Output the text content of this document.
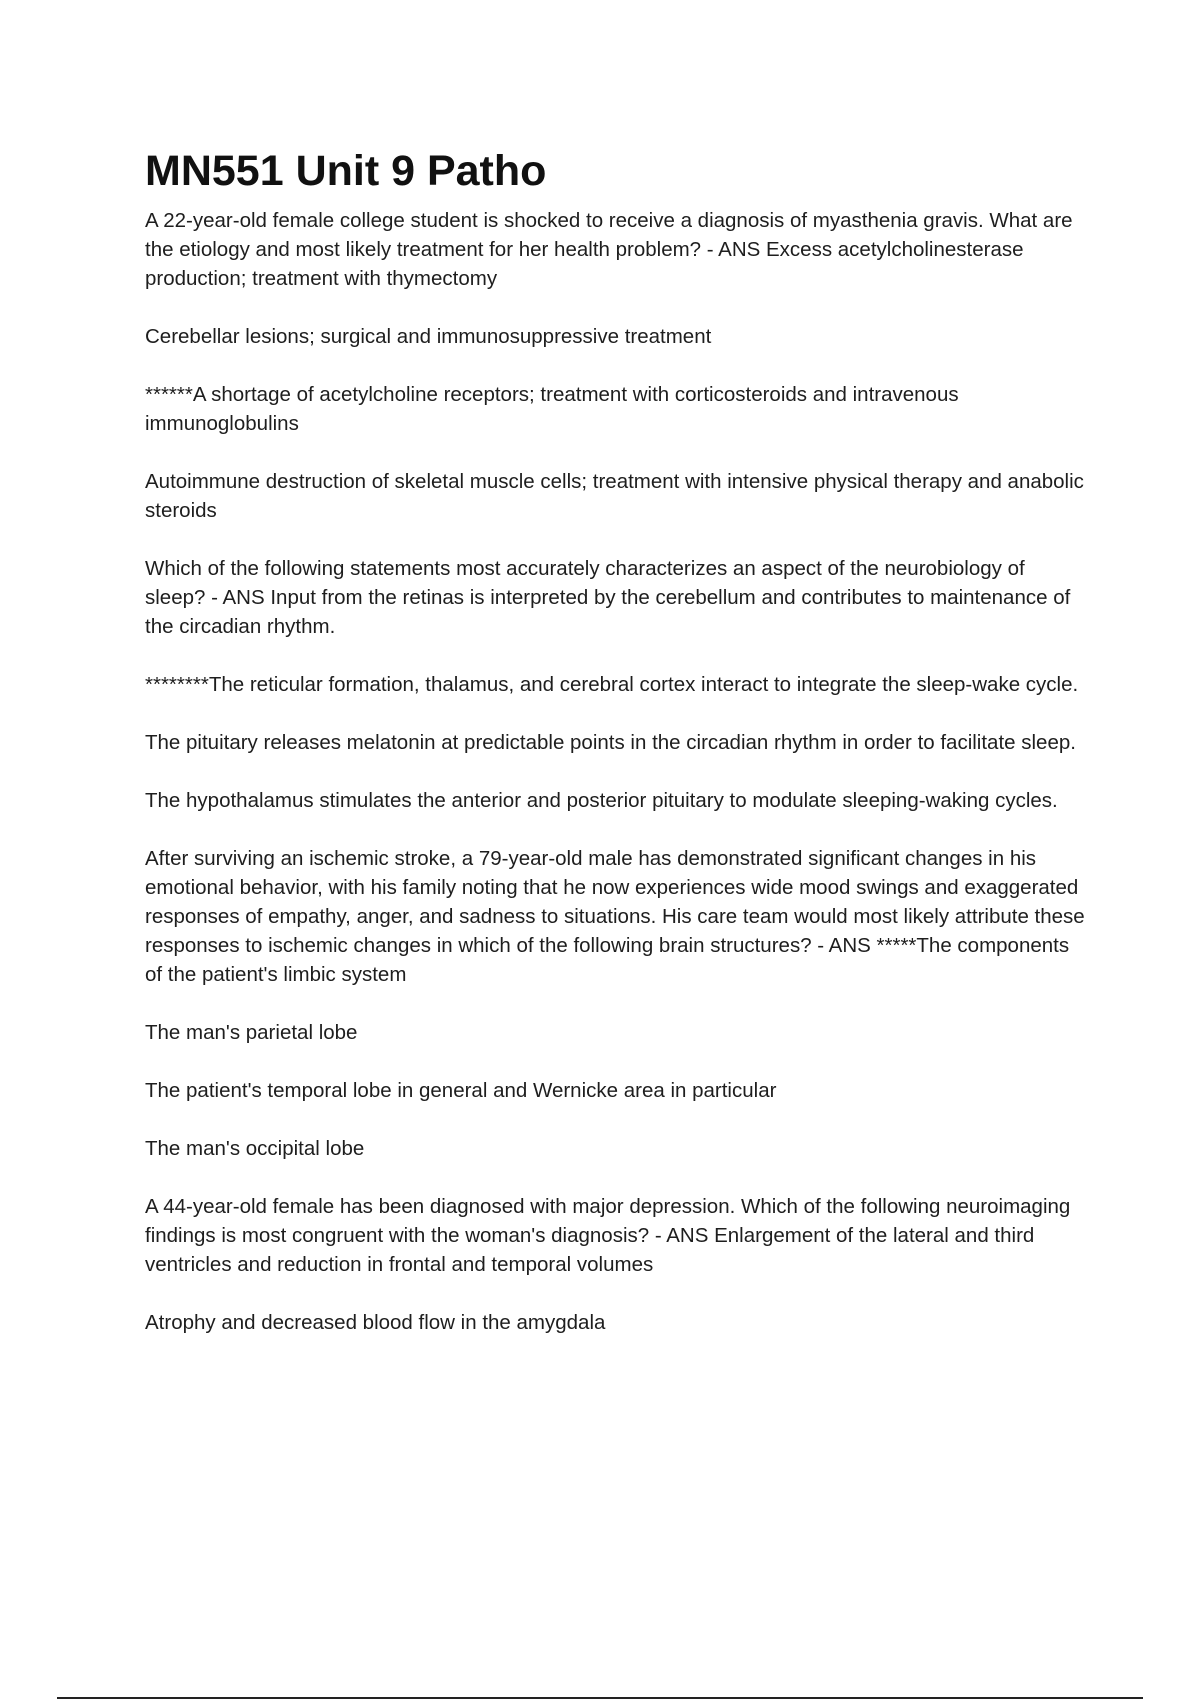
MN551 Unit 9 Patho

A 22-year-old female college student is shocked to receive a diagnosis of myasthenia gravis. What are the etiology and most likely treatment for her health problem? - ANS Excess acetylcholinesterase production; treatment with thymectomy

Cerebellar lesions; surgical and immunosuppressive treatment

******A shortage of acetylcholine receptors; treatment with corticosteroids and intravenous immunoglobulins

Autoimmune destruction of skeletal muscle cells; treatment with intensive physical therapy and anabolic steroids

Which of the following statements most accurately characterizes an aspect of the neurobiology of sleep? - ANS Input from the retinas is interpreted by the cerebellum and contributes to maintenance of the circadian rhythm.

********The reticular formation, thalamus, and cerebral cortex interact to integrate the sleep-wake cycle.

The pituitary releases melatonin at predictable points in the circadian rhythm in order to facilitate sleep.

The hypothalamus stimulates the anterior and posterior pituitary to modulate sleeping-waking cycles.

After surviving an ischemic stroke, a 79-year-old male has demonstrated significant changes in his emotional behavior, with his family noting that he now experiences wide mood swings and exaggerated responses of empathy, anger, and sadness to situations. His care team would most likely attribute these responses to ischemic changes in which of the following brain structures? - ANS *****The components of the patient's limbic system

The man's parietal lobe

The patient's temporal lobe in general and Wernicke area in particular

The man's occipital lobe

A 44-year-old female has been diagnosed with major depression. Which of the following neuroimaging findings is most congruent with the woman's diagnosis? - ANS Enlargement of the lateral and third ventricles and reduction in frontal and temporal volumes

Atrophy and decreased blood flow in the amygdala
